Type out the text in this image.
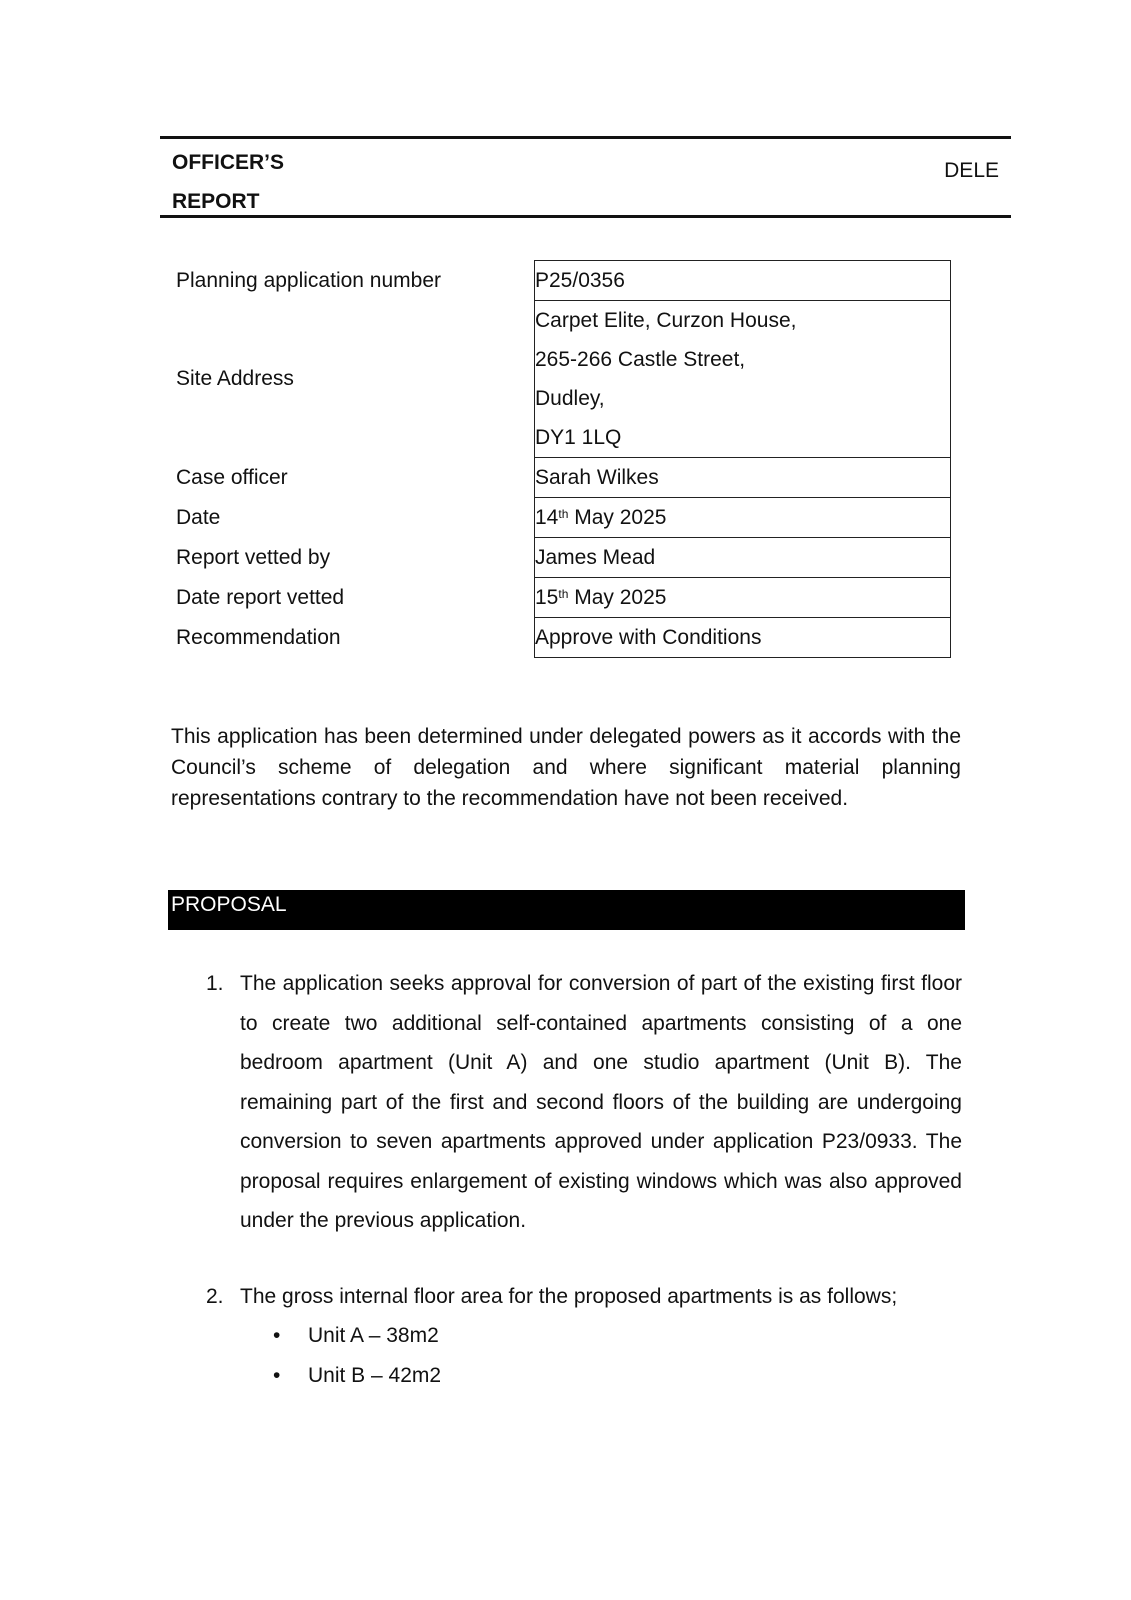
OFFICER’S
REPORT
DELE
Planning application number	P25/0356
Site Address	Carpet Elite, Curzon House,
265-266 Castle Street,
Dudley,
DY1 1LQ

Case officer	Sarah Wilkes
Date	14th May 2025
Report vetted by	James Mead
Date report vetted	15th May 2025
Recommendation	Approve with Conditions

This application has been determined under delegated powers as it accords with the Council’s scheme of delegation and where significant material planning representations contrary to the recommendation have not been received.

PROPOSAL
1. The application seeks approval for conversion of part of the existing first floor to create two additional self-contained apartments consisting of a one bedroom apartment (Unit A) and one studio apartment (Unit B). The remaining part of the first and second floors of the building are undergoing conversion to seven apartments approved under application P23/0933. The proposal requires enlargement of existing windows which was also approved under the previous application.
2. The gross internal floor area for the proposed apartments is as follows;
• Unit A – 38m2
• Unit B – 42m2
